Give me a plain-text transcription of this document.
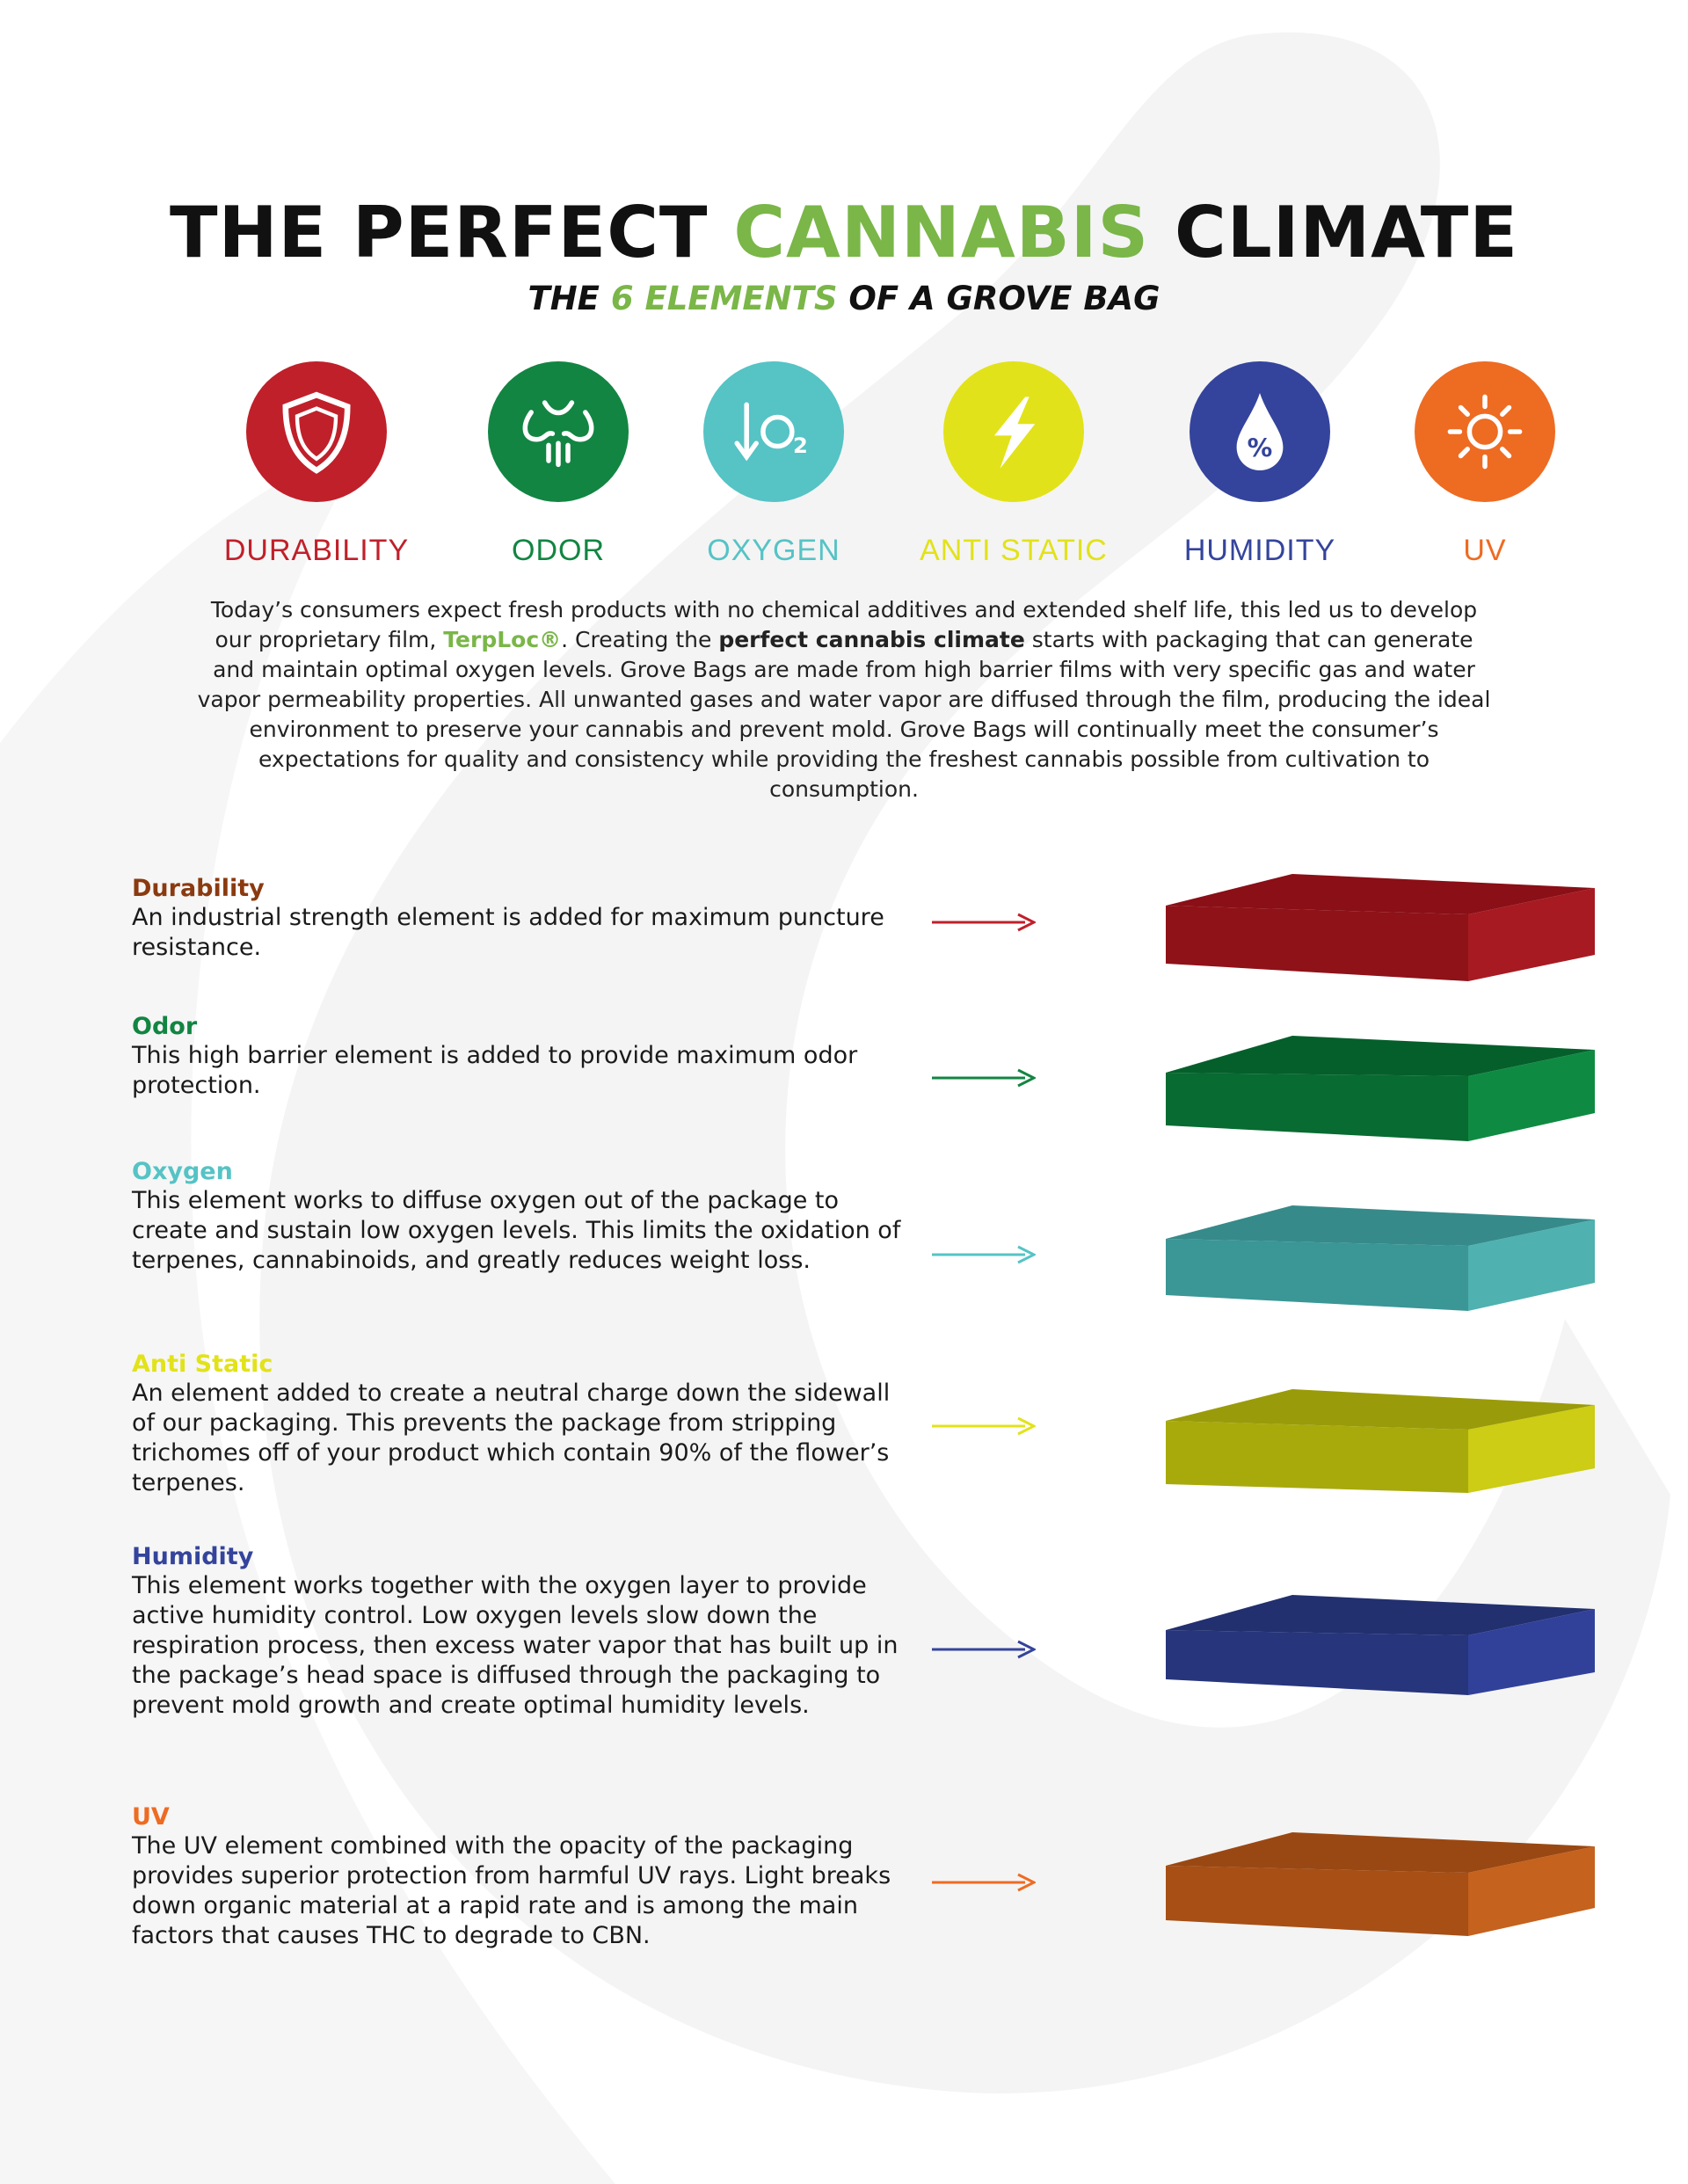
THE PERFECT CANNABIS CLIMATE
THE 6 ELEMENTS OF A GROVE BAG
DURABILITY	ODOR
2
OXYGEN	ANTI STATIC
%
HUMIDITY	UV

Today’s consumers expect fresh products with no chemical additives and extended shelf life, this led us to develop our proprietary film, TerpLoc®. Creating the perfect cannabis climate starts with packaging that can generate and maintain optimal oxygen levels. Grove Bags are made from high barrier films with very specific gas and water vapor permeability properties. All unwanted gases and water vapor are diffused through the film, producing the ideal environment to preserve your cannabis and prevent mold. Grove Bags will continually meet the consumer’s expectations for quality and consistency while providing the freshest cannabis possible from cultivation to consumption.

Durability
An industrial strength element is added for maximum puncture resistance.
Odor
This high barrier element is added to provide maximum odor protection.
Oxygen
This element works to diffuse oxygen out of the package to create and sustain low oxygen levels. This limits the oxidation of terpenes, cannabinoids, and greatly reduces weight loss.
Anti Static
An element added to create a neutral charge down the sidewall of our packaging. This prevents the package from stripping trichomes off of your product which contain 90% of the flower’s terpenes.
Humidity
This element works together with the oxygen layer to provide active humidity control. Low oxygen levels slow down the respiration process, then excess water vapor that has built up in the package’s head space is diffused through the packaging to prevent mold growth and create optimal humidity levels.
UV
The UV element combined with the opacity of the packaging provides superior protection from harmful UV rays. Light breaks down organic material at a rapid rate and is among the main factors that causes THC to degrade to CBN.
